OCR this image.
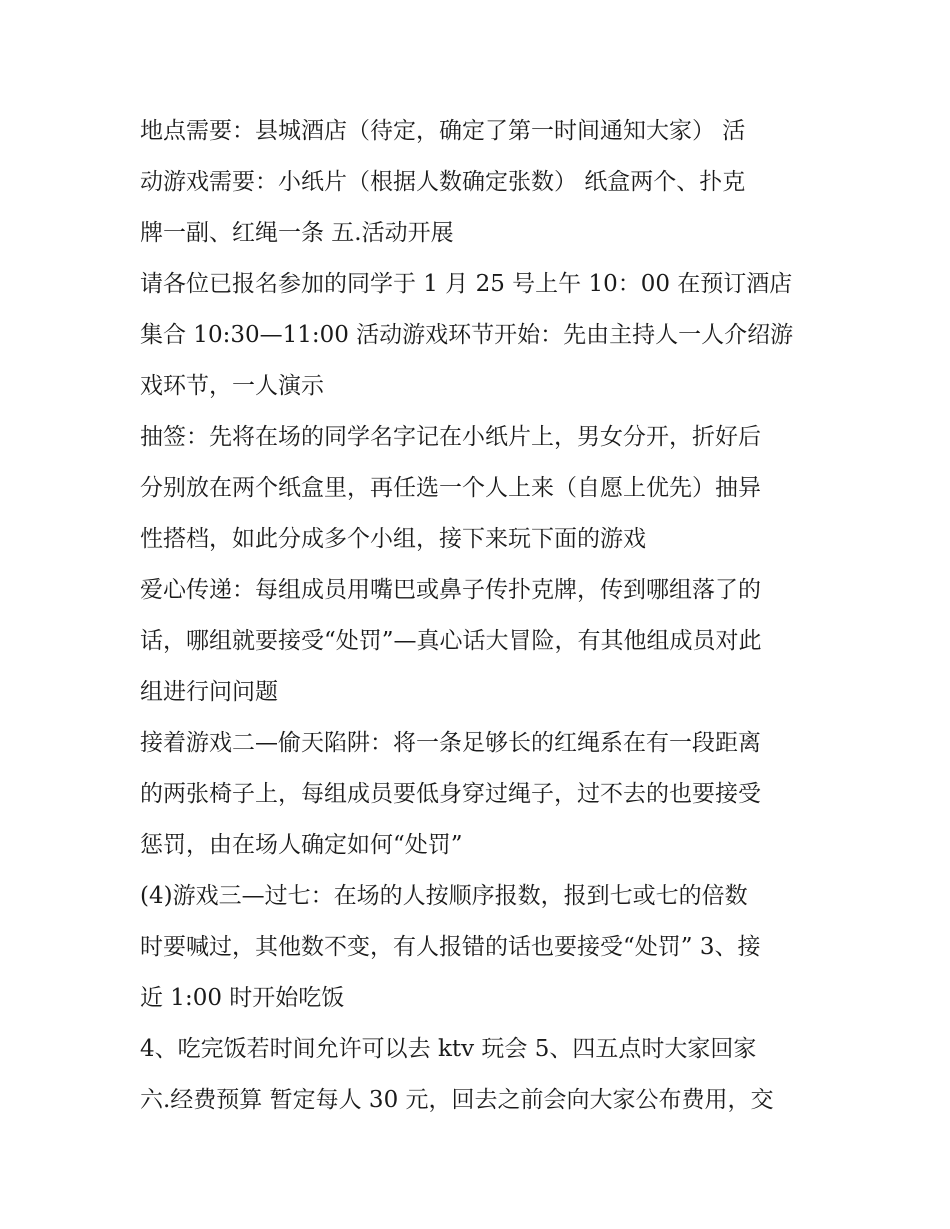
地点需要：县城酒店（待定，确定了第一时间通知大家） 活
动游戏需要：小纸片（根据人数确定张数） 纸盒两个、扑克
牌一副、红绳一条 五.活动开展
请各位已报名参加的同学于 1 月 25 号上午 10：00 在预订酒店
集合 10:30—11:00 活动游戏环节开始：先由主持人一人介绍游
戏环节，一人演示
抽签：先将在场的同学名字记在小纸片上，男女分开，折好后
分别放在两个纸盒里，再任选一个人上来（自愿上优先）抽异
性搭档，如此分成多个小组，接下来玩下面的游戏
爱心传递：每组成员用嘴巴或鼻子传扑克牌，传到哪组落了的
话，哪组就要接受“处罚”—真心话大冒险，有其他组成员对此
组进行问问题
接着游戏二—偷天陷阱：将一条足够长的红绳系在有一段距离
的两张椅子上，每组成员要低身穿过绳子，过不去的也要接受
惩罚，由在场人确定如何“处罚”
(4)游戏三—过七：在场的人按顺序报数，报到七或七的倍数
时要喊过，其他数不变，有人报错的话也要接受“处罚” 3、接
近 1:00 时开始吃饭
4、吃完饭若时间允许可以去 ktv 玩会 5、四五点时大家回家
六.经费预算 暂定每人 30 元，回去之前会向大家公布费用，交
